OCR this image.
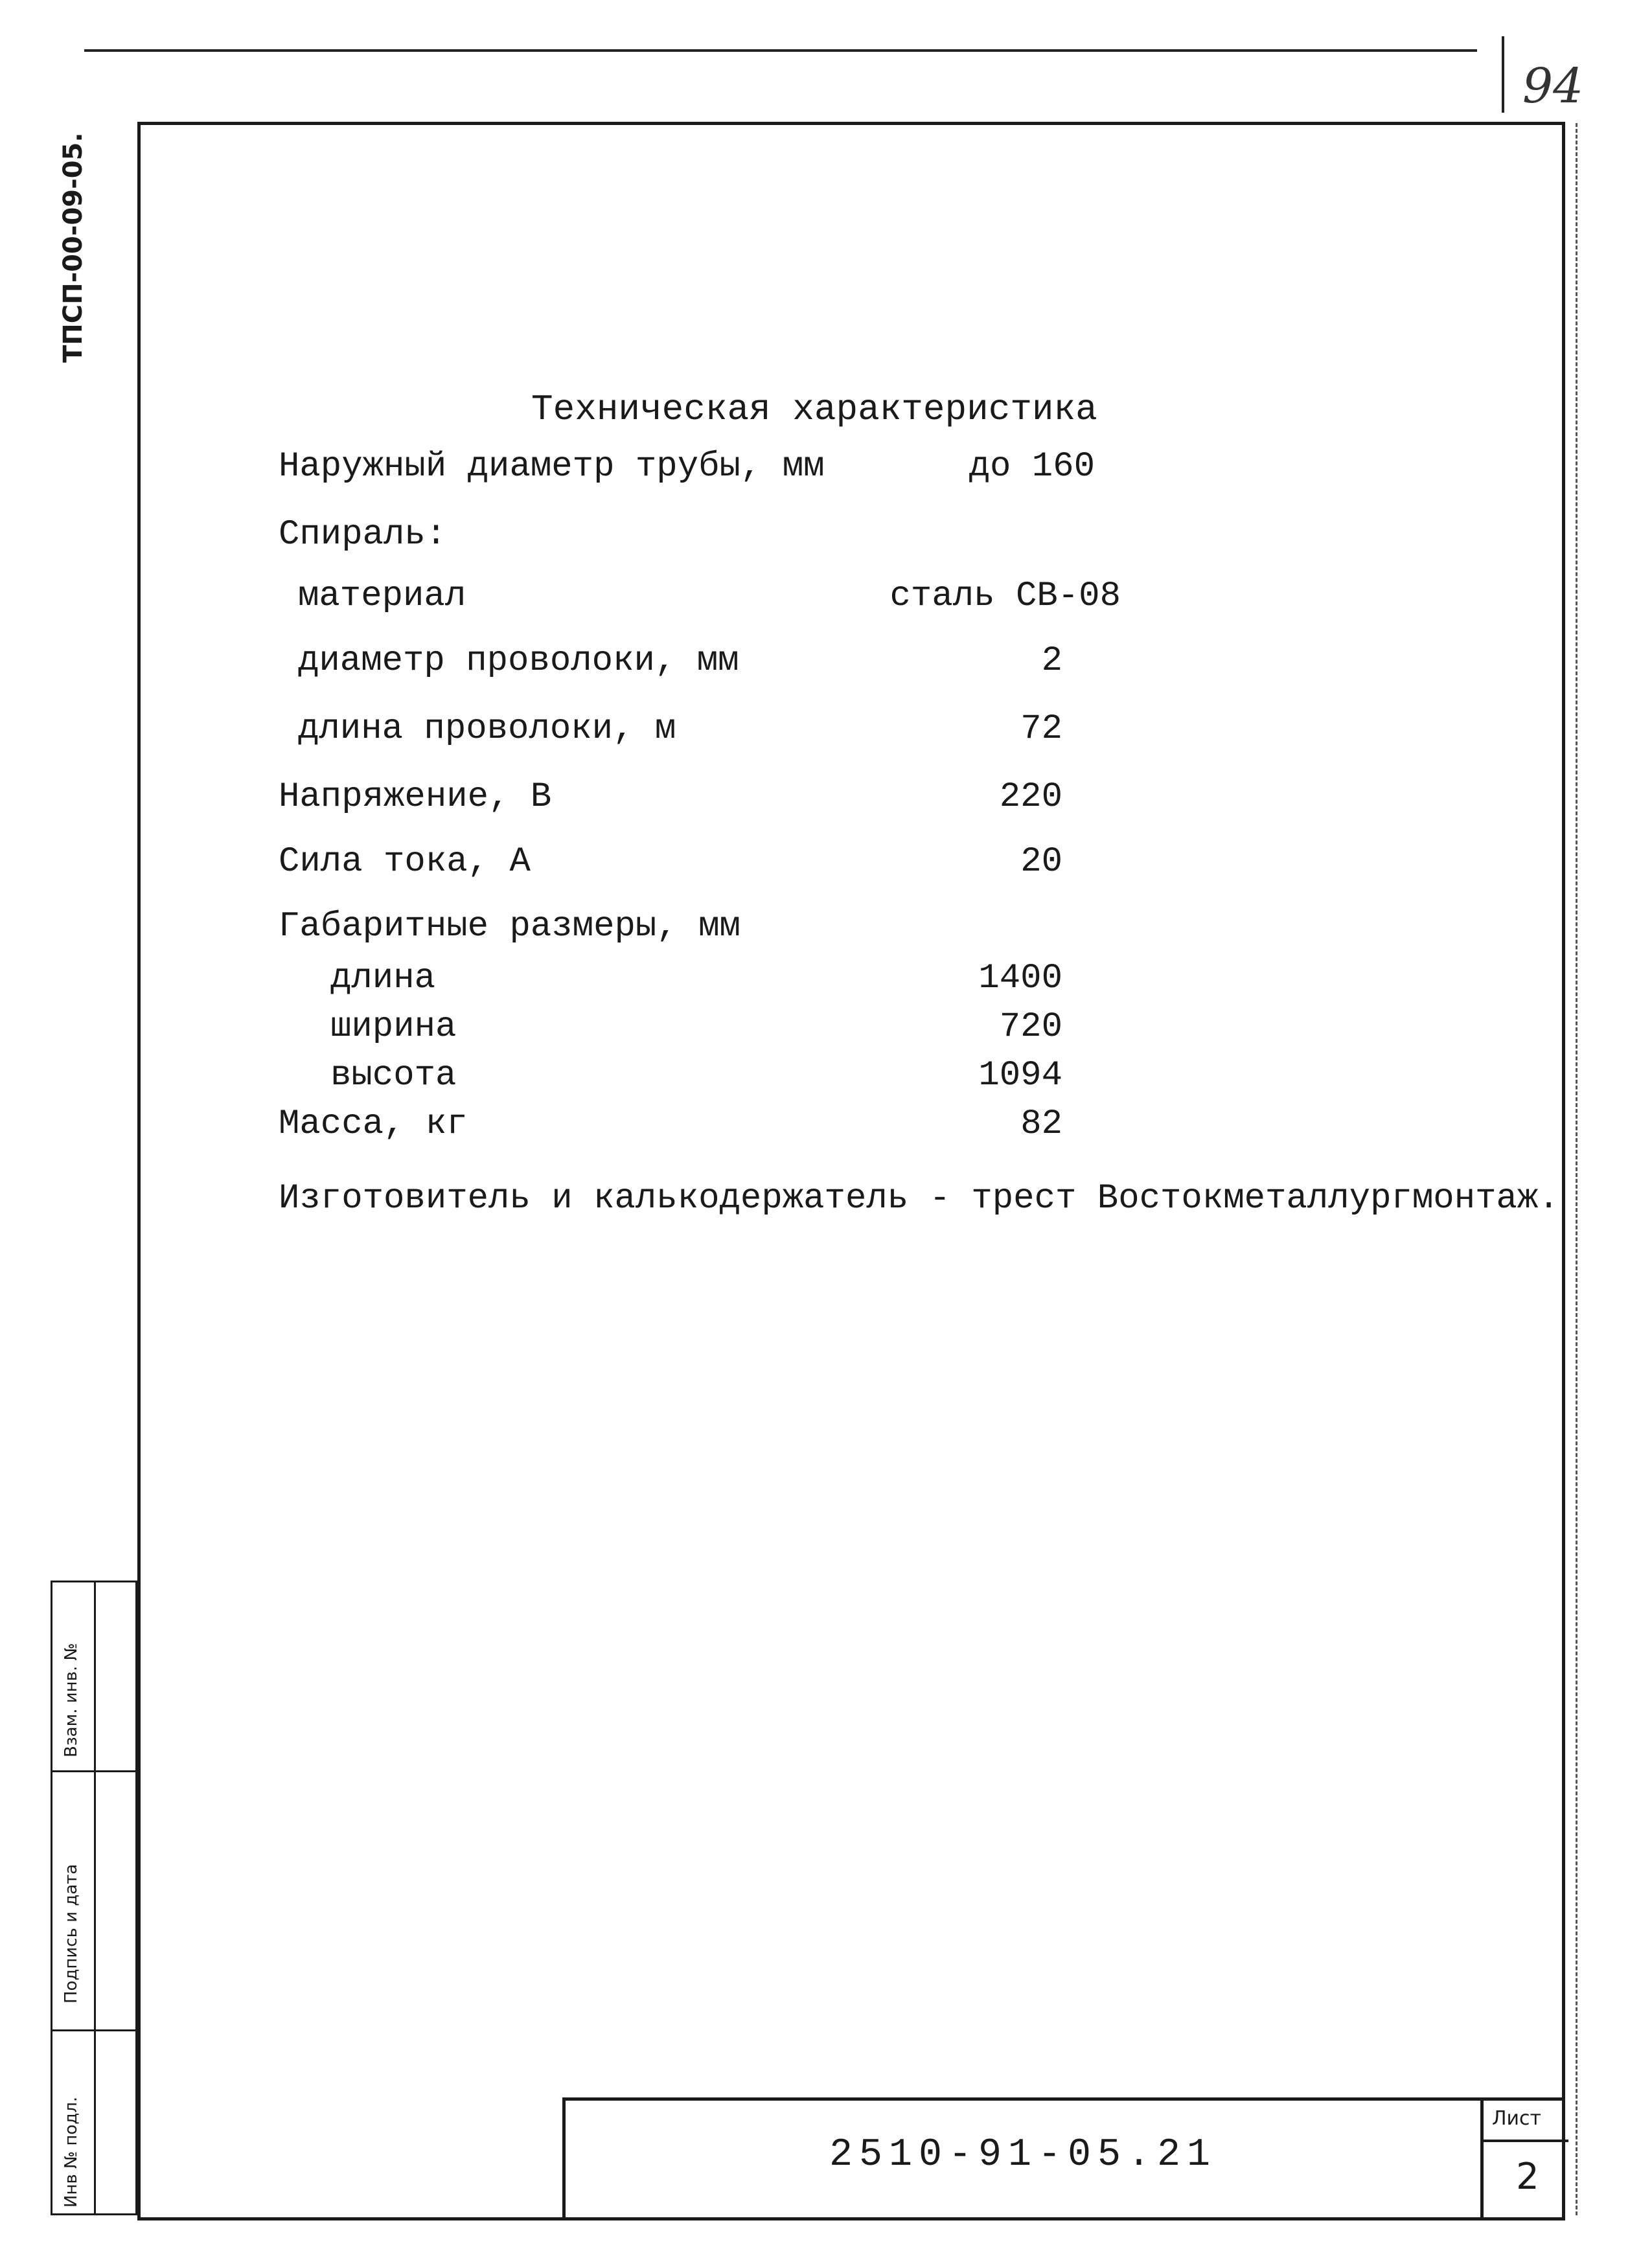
94
ТПСП-00-09-05.
Техническая характеристика
Наружный диаметр трубы, мм	до 160
Спираль:
материал	сталь СВ-08
диаметр проволоки, мм	2
длина проволоки, м	72
Напряжение, В	220
Сила тока, А	20
Габаритные размеры, мм
длина	1400
ширина	720
высота	1094
Масса, кг	82
Изготовитель и калькодержатель - трест Востокметаллургмонтаж.
Инв № подл.
Подпись и дата
Взам. инв. №
2510-91-05.21
Лист
2
